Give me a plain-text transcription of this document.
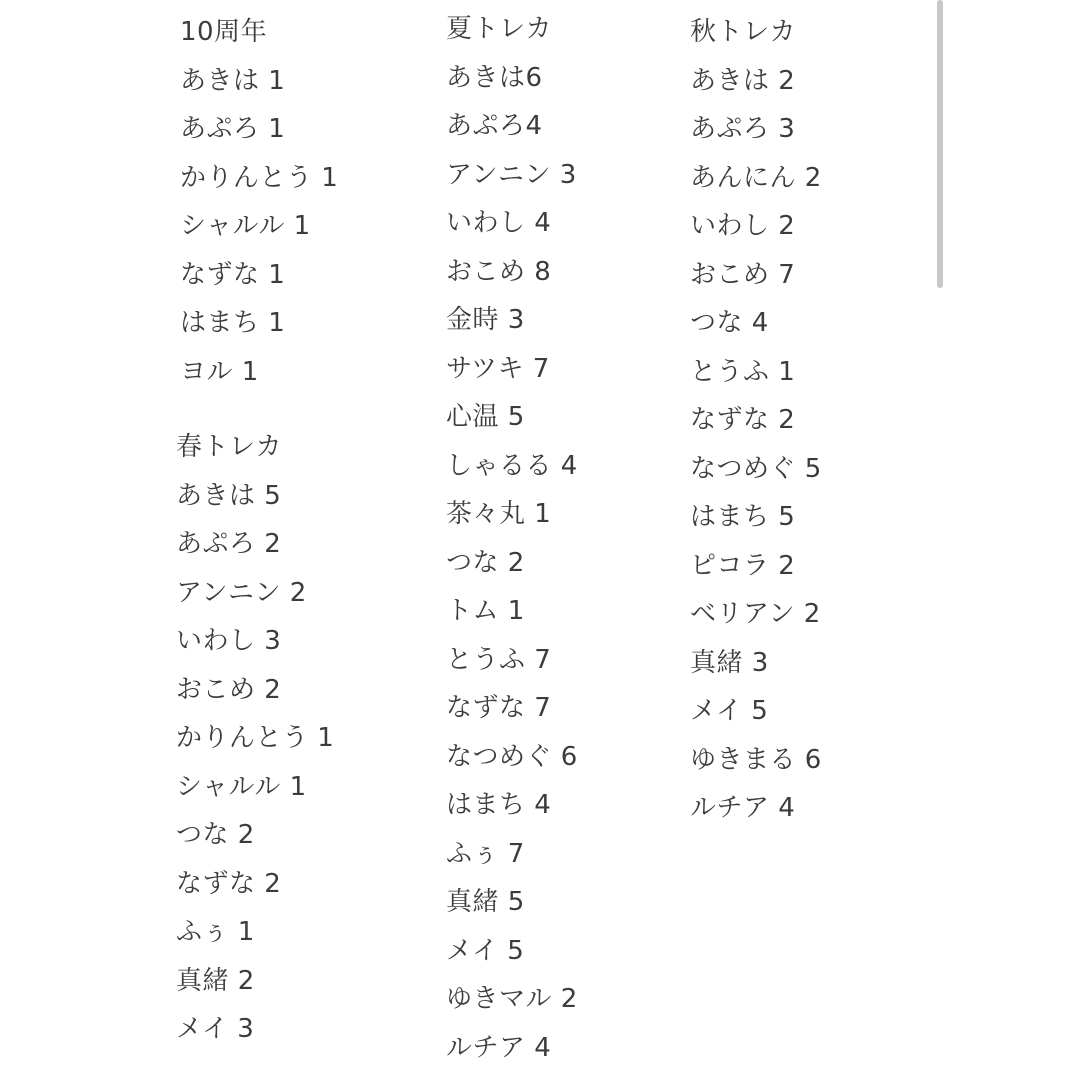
10周年
あきは 1
あぷろ 1
かりんとう 1
シャルル 1
なずな 1
はまち 1
ヨル 1
春トレカ
あきは 5
あぷろ 2
アンニン 2
いわし 3
おこめ 2
かりんとう 1
シャルル 1
つな 2
なずな 2
ふぅ 1
真緒 2
メイ 3
夏トレカ
あきは6
あぷろ4
アンニン 3
いわし 4
おこめ 8
金時 3
サツキ 7
心温 5
しゃるる 4
茶々丸 1
つな 2
トム 1
とうふ 7
なずな 7
なつめぐ 6
はまち 4
ふぅ 7
真緒 5
メイ 5
ゆきマル 2
ルチア 4
秋トレカ
あきは 2
あぷろ 3
あんにん 2
いわし 2
おこめ 7
つな 4
とうふ 1
なずな 2
なつめぐ 5
はまち 5
ピコラ 2
ベリアン 2
真緒 3
メイ 5
ゆきまる 6
ルチア 4
